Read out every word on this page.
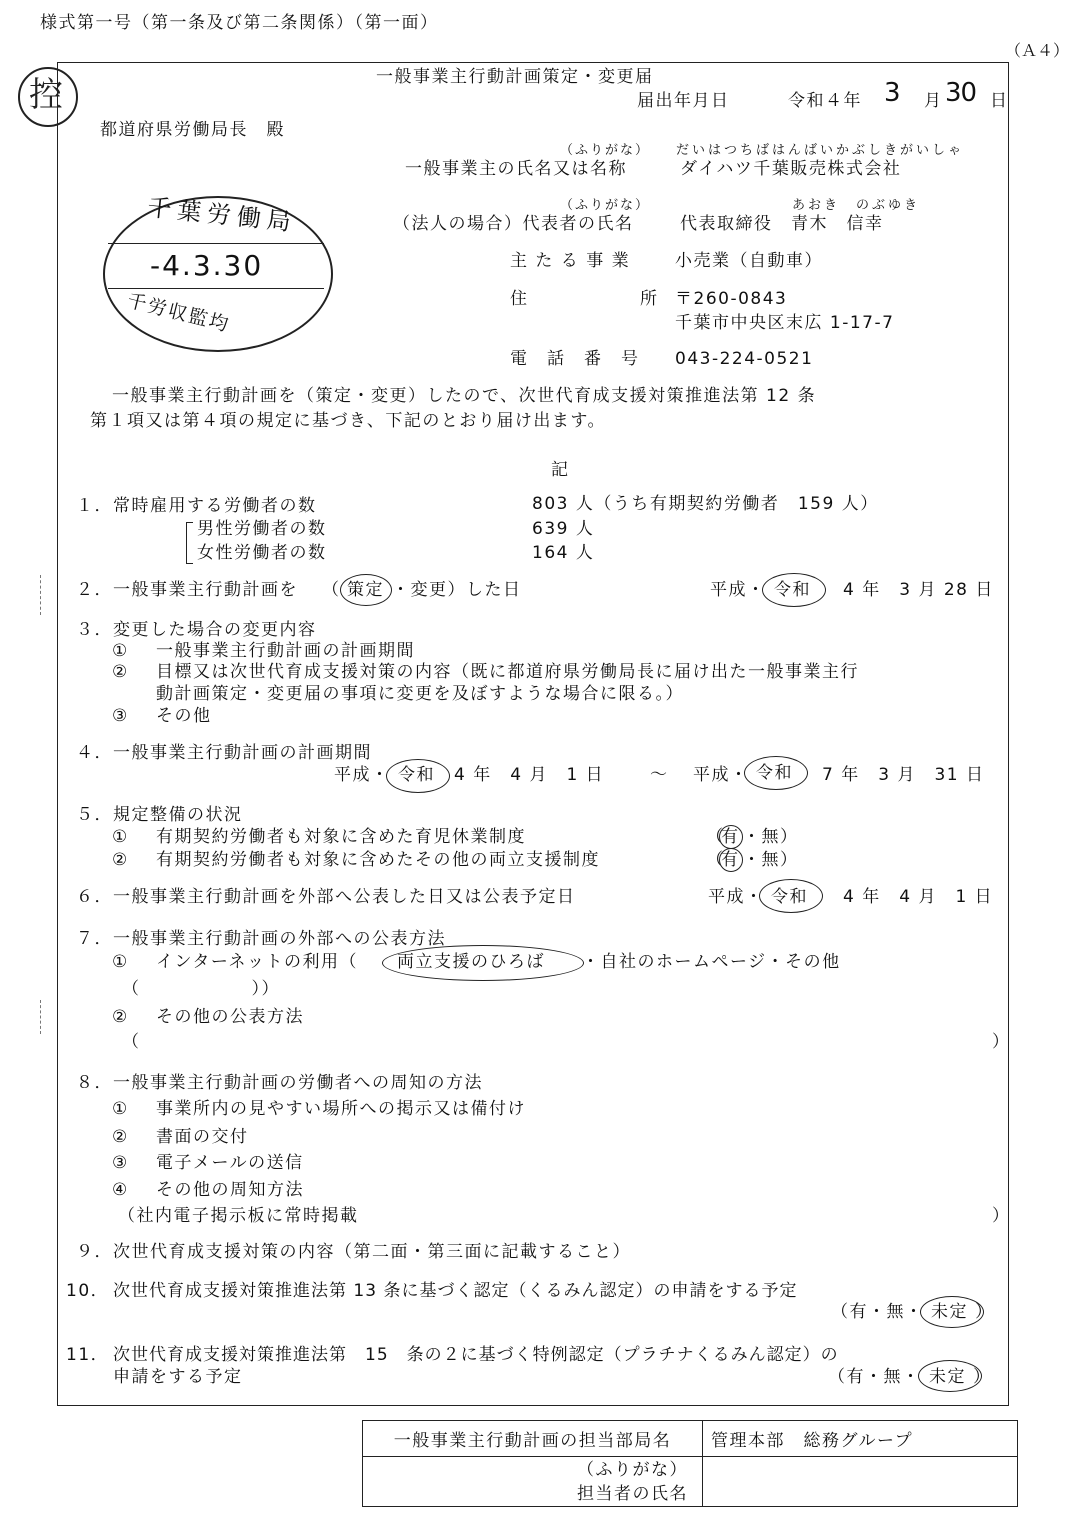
様式第一号（第一条及び第二条関係）（第一面）
（Ａ４）
控	一般事業主行動計画策定・変更届
届出年月日	令和４年 3 月 30 日
都道府県労働局長　殿
（ふりがな） だいはつちばはんばいかぶしきがいしゃ
一般事業主の氏名又は名称	ダイハツ千葉販売株式会社
（ふりがな）	あおき　のぶゆき
（法人の場合）代表者の氏名	代表取締役　青木　信幸
主 た る 事 業	小売業（自動車）
住	所 〒260-0843
千葉市中央区末広 1-17-7
電　話　番　号 043-224-0521
千葉労働局
-4.3.30
千労収監均
一般事業主行動計画を（策定・変更）したので、次世代育成支援対策推進法第 12 条
第１項又は第４項の規定に基づき、下記のとおり届け出ます。
記
１． 常時雇用する労働者の数	803 人（うち有期契約労働者　159 人）
男性労働者の数	639 人
女性労働者の数	164 人
２． 一般事業主行動計画を （ 策定 ・変更）した日	平成・ 令和 4 年　3 月 28 日
３． 変更した場合の変更内容
① 一般事業主行動計画の計画期間
② 目標又は次世代育成支援対策の内容（既に都道府県労働局長に届け出た一般事業主行
動計画策定・変更届の事項に変更を及ぼすような場合に限る。）
③ その他
４． 一般事業主行動計画の計画期間
平成・ 令和 4 年　4 月　1 日	～ 平成・ 令和 7 年　3 月　31 日
５． 規定整備の状況
① 有期契約労働者も対象に含めた育児休業制度	（
有 ・無）
② 有期契約労働者も対象に含めたその他の両立支援制度	（
有 ・無）
６． 一般事業主行動計画を外部へ公表した日又は公表予定日	平成・ 令和 4 年　4 月　1 日
７． 一般事業主行動計画の外部への公表方法
① インターネットの利用（ 両立支援のひろば ・自社のホームページ・その他
（　　　　　　））
② その他の公表方法
（	）
８． 一般事業主行動計画の労働者への周知の方法
① 事業所内の見やすい場所への掲示又は備付け
② 書面の交付
③ 電子メールの送信
④ その他の周知方法
（社内電子掲示板に常時掲載	）
９． 次世代育成支援対策の内容（第二面・第三面に記載すること）
10． 次世代育成支援対策推進法第 13 条に基づく認定（くるみん認定）の申請をする予定
（有・無・ 未定 ）
11． 次世代育成支援対策推進法第　15　条の２に基づく特例認定（プラチナくるみん認定）の
申請をする予定	（有・無・ 未定 ）
一般事業主行動計画の担当部局名	管理本部　総務グループ

（ふりがな）
担当者の氏名	
